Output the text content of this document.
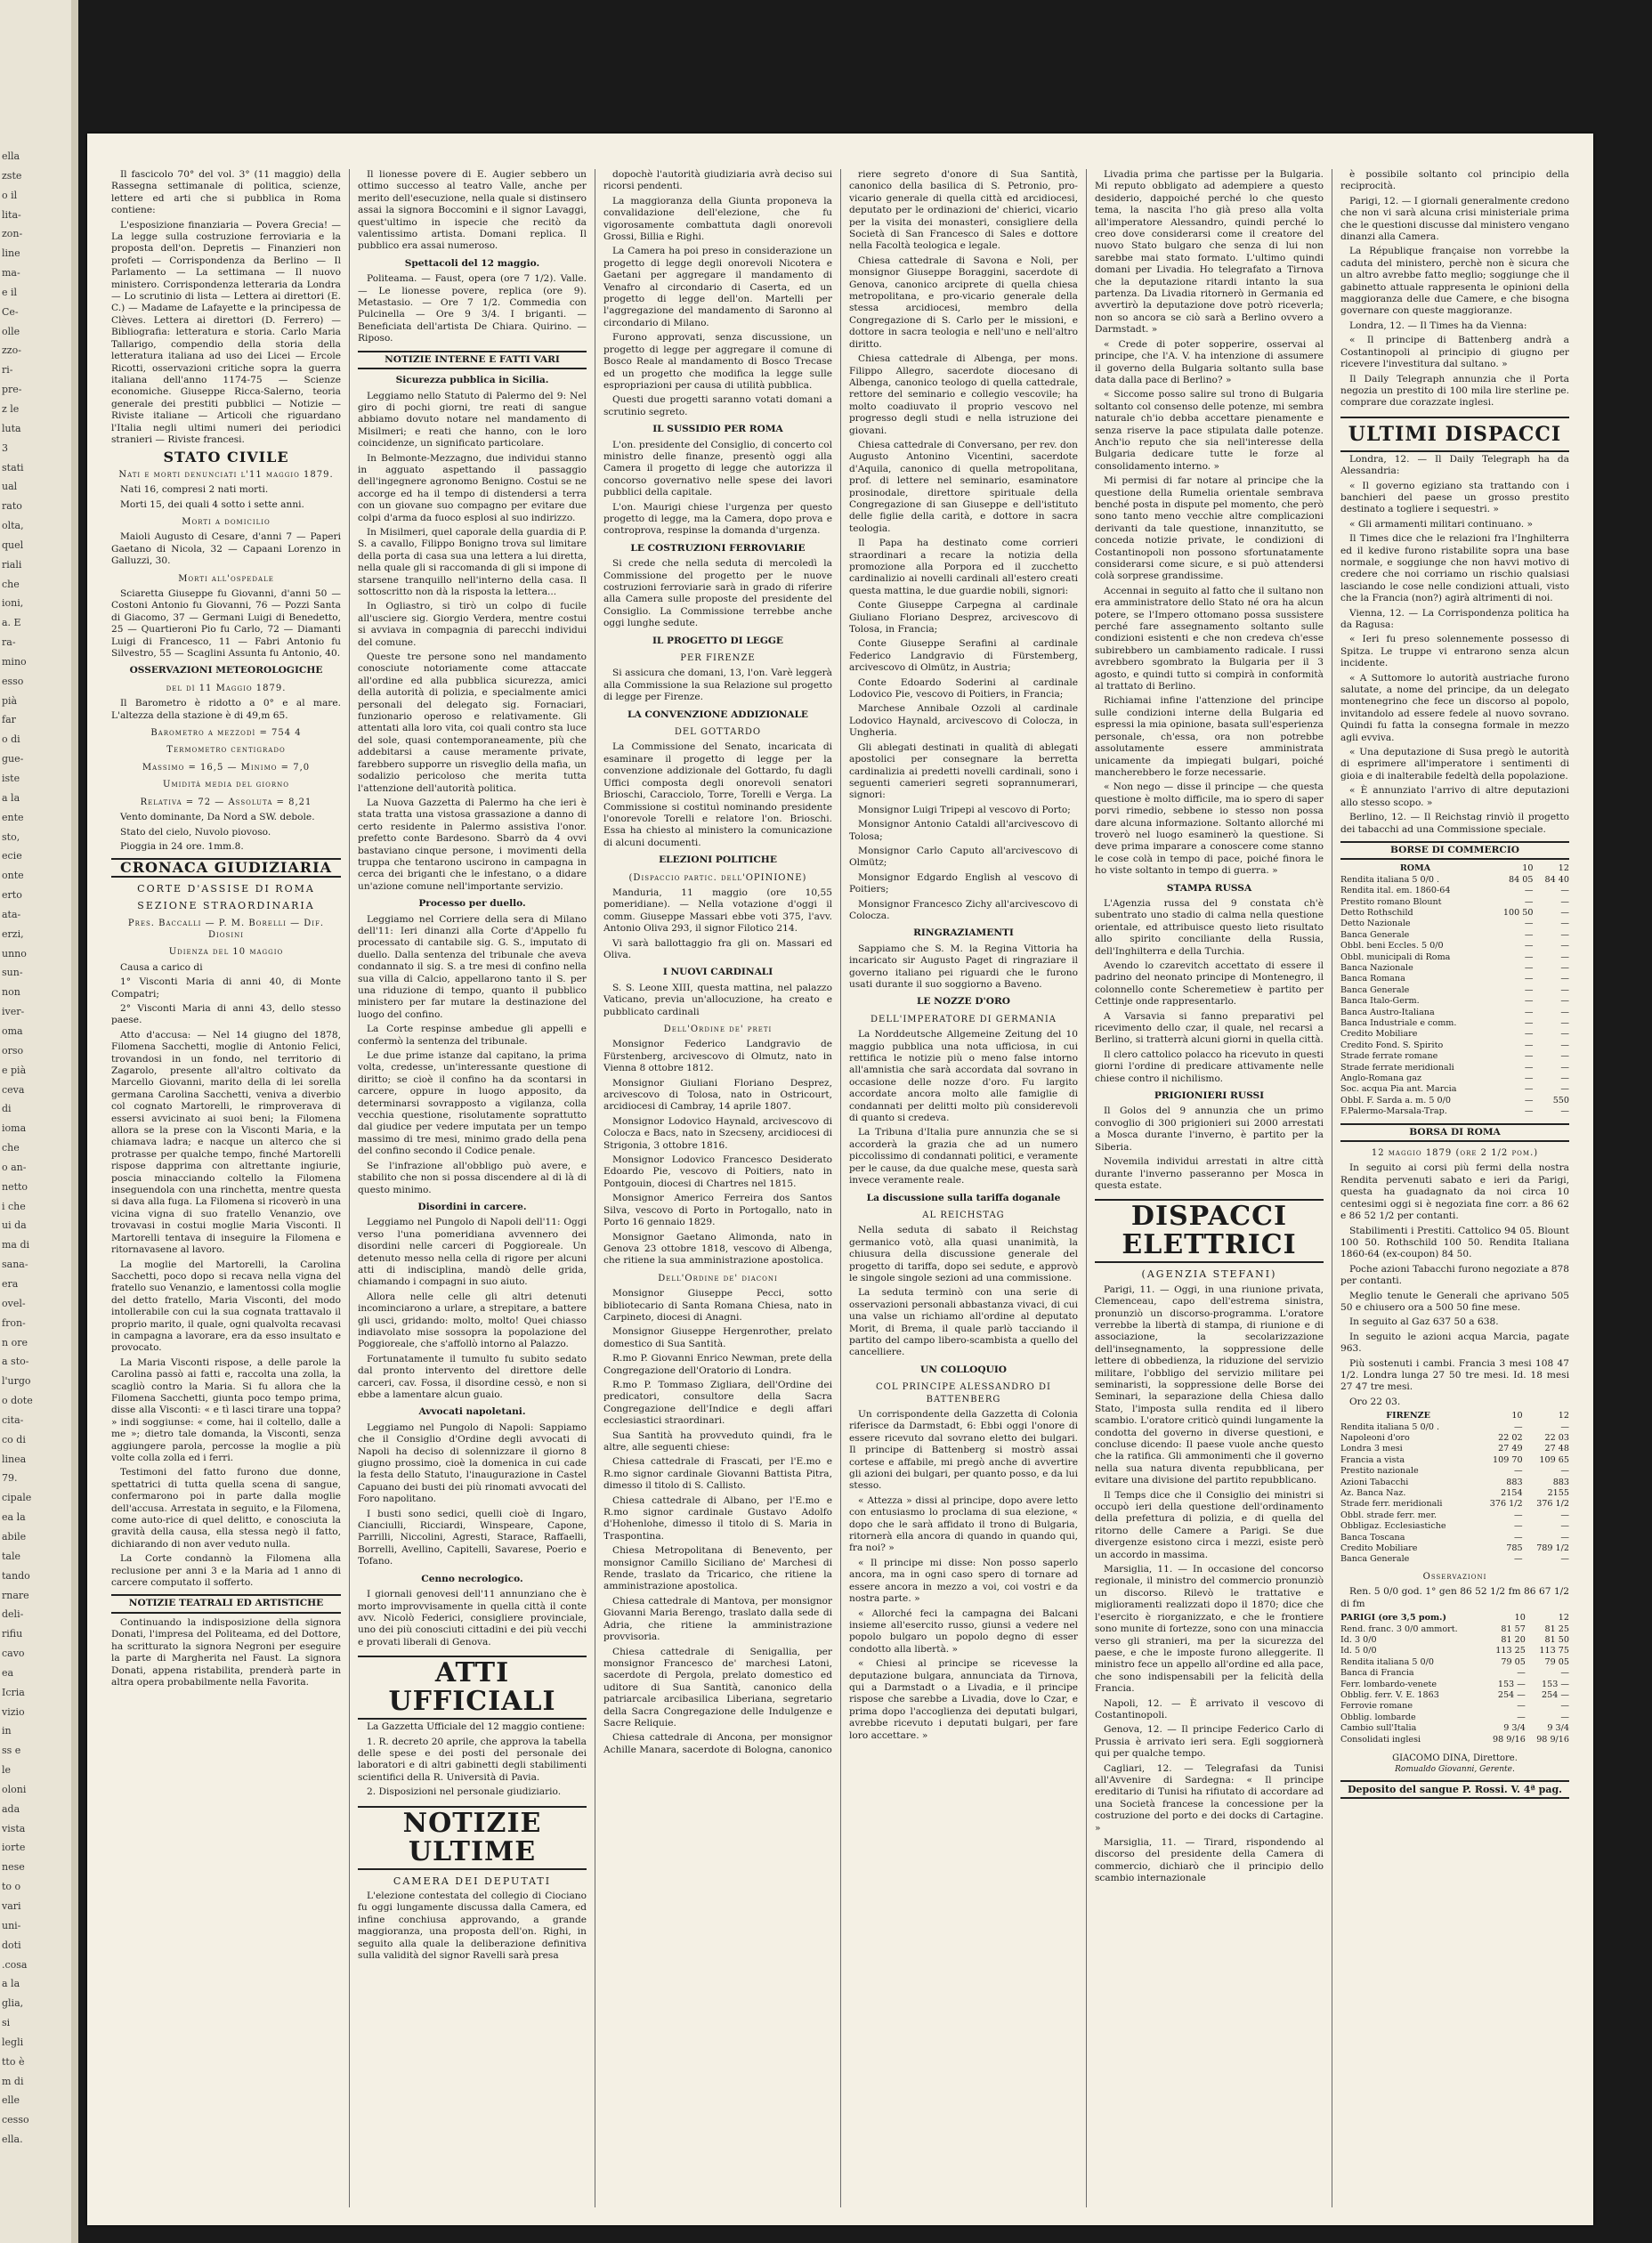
ella
zste
o il
lita-
zon-
line
ma-
e il
Ce-
olle
zzo-
ri-
pre-
z le
luta
3
stati
ual
rato
olta,
quel
riali
che
ioni,
a. E
ra-
mino
esso
pià
far
o di
gue-
iste
a la
ente
sto,
ecie
onte
erto
ata-
erzi,
unno
sun-
non
iver-
oma
orso
e pià
ceva
di
ioma
che
o an-
netto
i che
ui da
ma di
sana-
era
ovel-
fron-
n ore
a sto-
l'urgo
o dote
cita-
co di
linea
79.
cipale
ea la
abile
tale
tando
rnare
deli-
rifiu
cavo
ea
Icria
vizio
in
ss e
le
oloni
ada
vista
iorte
nese
to o
vari
uni-
doti
.cosa
a la
glia,
si
legli
tto è
m di
elle
cesso
ella.

Il fascicolo 70° del vol. 3° (11 maggio) della Rassegna settimanale di politica, scienze, lettere ed arti che si pubblica in Roma contiene:

L'esposizione finanziaria — Povera Grecia! — La legge sulla costruzione ferroviaria e la proposta dell'on. Depretis — Finanzieri non profeti — Corrispondenza da Berlino — Il Parlamento — La settimana — Il nuovo ministero. Corrispondenza letteraria da Londra — Lo scrutinio di lista — Lettera ai direttori (E. C.) — Madame de Lafayette e la principessa de Clèves. Lettera ai direttori (D. Ferrero) — Bibliografia: letteratura e storia. Carlo Maria Tallarigo, compendio della storia della letteratura italiana ad uso dei Licei — Ercole Ricotti, osservazioni critiche sopra la guerra italiana dell'anno 1174-75 — Scienze economiche. Giuseppe Ricca-Salerno, teoria generale dei prestiti pubblici — Notizie — Riviste italiane — Articoli che riguardano l'Italia negli ultimi numeri dei periodici stranieri — Riviste francesi.

STATO CIVILE
Nati e morti denunciati l'11 maggio 1879.

Nati 16, compresi 2 nati morti.

Morti 15, dei quali 4 sotto i sette anni.

Morti a domicilio

Maioli Augusto di Cesare, d'anni 7 — Paperi Gaetano di Nicola, 32 — Capaani Lorenzo in Galluzzi, 30.

Morti all'ospedale

Sciaretta Giuseppe fu Giovanni, d'anni 50 — Costoni Antonio fu Giovanni, 76 — Pozzi Santa di Giacomo, 37 — Germani Luigi di Benedetto, 25 — Quartieroni Pio fu Carlo, 72 — Diamanti Luigi di Francesco, 11 — Fabri Antonio fu Silvestro, 55 — Scaglini Assunta fu Antonio, 40.

OSSERVAZIONI METEOROLOGICHE
del dì 11 Maggio 1879.

Il Barometro è ridotto a 0° e al mare. L'altezza della stazione è di 49,m 65.

Barometro a mezzodì = 754 4
Termometro centigrado
Massimo = 16,5 — Minimo = 7,0
Umidità media del giorno
Relativa = 72 — Assoluta = 8,21

Vento dominante, Da Nord a SW. debole.

Stato del cielo, Nuvolo piovoso.

Pioggia in 24 ore. 1mm.8.

CRONACA GIUDIZIARIA
CORTE D'ASSISE DI ROMA
SEZIONE STRAORDINARIA
Pres. Baccalli — P. M. Borelli — Dif. Diosini
Udienza del 10 maggio

Causa a carico di

1° Visconti Maria di anni 40, di Monte Compatri;

2° Visconti Maria di anni 43, dello stesso paese.

Atto d'accusa: — Nel 14 giugno del 1878, Filomena Sacchetti, moglie di Antonio Felici, trovandosi in un fondo, nel territorio di Zagarolo, presente all'altro coltivato da Marcello Giovanni, marito della di lei sorella germana Carolina Sacchetti, veniva a diverbio col cognato Martorelli, le rimproverava di essersi avvicinato ai suoi beni; la Filomena allora se la prese con la Visconti Maria, e la chiamava ladra; e nacque un alterco che si protrasse per qualche tempo, finché Martorelli rispose dapprima con altrettante ingiurie, poscia minacciando coltello la Filomena inseguendola con una rinchetta, mentre questa si dava alla fuga. La Filomena si ricoverò in una vicina vigna di suo fratello Venanzio, ove trovavasi in costui moglie Maria Visconti. Il Martorelli tentava di inseguire la Filomena e ritornavasene al lavoro.

La moglie del Martorelli, la Carolina Sacchetti, poco dopo si recava nella vigna del fratello suo Venanzio, e lamentossi colla moglie del detto fratello, Maria Visconti, del modo intollerabile con cui la sua cognata trattavalo il proprio marito, il quale, ogni qualvolta recavasi in campagna a lavorare, era da esso insultato e provocato.

La Maria Visconti rispose, a delle parole la Carolina passò ai fatti e, raccolta una zolla, la scagliò contro la Maria. Si fu allora che la Filomena Sacchetti, giunta poco tempo prima, disse alla Visconti: « e tì lasci tirare una toppa? » indi soggiunse: « come, hai il coltello, dalle a me »; dietro tale domanda, la Visconti, senza aggiungere parola, percosse la moglie a più volte colla zolla ed i ferri.

Testimoni del fatto furono due donne, spettatrici di tutta quella scena di sangue, confermarono poi in parte dalla moglie dell'accusa. Arrestata in seguito, e la Filomena, come auto-rice di quel delitto, e conosciuta la gravità della causa, ella stessa negò il fatto, dichiarando di non aver veduto nulla.

La Corte condannò la Filomena alla reclusione per anni 3 e la Maria ad 1 anno di carcere computato il sofferto.

NOTIZIE TEATRALI ED ARTISTICHE

Continuando la indisposizione della signora Donati, l'impresa del Politeama, ed del Dottore, ha scritturato la signora Negroni per eseguire la parte di Margherita nel Faust. La signora Donati, appena ristabilita, prenderà parte in altra opera probabilmente nella Favorita.

Il lionesse povere di E. Augier sebbero un ottimo successo al teatro Valle, anche per merito dell'esecuzione, nella quale si distinsero assai la signora Boccomini e il signor Lavaggi, quest'ultimo in ispecie che recitò da valentissimo artista. Domani replica. Il pubblico era assai numeroso.

Spettacoli del 12 maggio.

Politeama. — Faust, opera (ore 7 1/2). Valle. — Le lionesse povere, replica (ore 9). Metastasio. — Ore 7 1/2. Commedia con Pulcinella — Ore 9 3/4. I briganti. — Beneficiata dell'artista De Chiara. Quirino. — Riposo.

NOTIZIE INTERNE E FATTI VARI
Sicurezza pubblica in Sicilia.

Leggiamo nello Statuto di Palermo del 9: Nel giro di pochi giorni, tre reati di sangue abbiamo dovuto notare nel mandamento di Misilmeri; e reati che hanno, con le loro coincidenze, un significato particolare.

In Belmonte-Mezzagno, due individui stanno in agguato aspettando il passaggio dell'ingegnere agronomo Benigno. Costui se ne accorge ed ha il tempo di distendersi a terra con un giovane suo compagno per evitare due colpi d'arma da fuoco esplosi al suo indirizzo.

In Misilmeri, quel caporale della guardia di P. S. a cavallo, Filippo Bonigno trova sul limitare della porta di casa sua una lettera a lui diretta, nella quale gli si raccomanda di gli si impone di starsene tranquillo nell'interno della casa. Il sottoscritto non dà la risposta la lettera...

In Ogliastro, si tirò un colpo di fucile all'usciere sig. Giorgio Verdera, mentre costui si avviava in compagnia di parecchi individui del comune.

Queste tre persone sono nel mandamento conosciute notoriamente come attaccate all'ordine ed alla pubblica sicurezza, amici della autorità di polizia, e specialmente amici personali del delegato sig. Fornaciari, funzionario operoso e relativamente. Gli attentati alla loro vita, coi quali contro sta luce del sole, quasi contemporaneamente, più che addebitarsi a cause meramente private, farebbero supporre un risveglio della mafia, un sodalizio pericoloso che merita tutta l'attenzione dell'autorità politica.

La Nuova Gazzetta di Palermo ha che ieri è stata tratta una vistosa grassazione a danno di certo residente in Palermo assistiva l'onor. prefetto conte Bardesono. Sbarrò da 4 ovvi bastaviano cinque persone, i movimenti della truppa che tentarono uscirono in campagna in cerca dei briganti che le infestano, o a didare un'azione comune nell'importante servizio.

Processo per duello.

Leggiamo nel Corriere della sera di Milano dell'11: Ieri dinanzi alla Corte d'Appello fu processato di cantabile sig. G. S., imputato di duello. Dalla sentenza del tribunale che aveva condannato il sig. S. a tre mesi di confino nella sua villa di Calcio, appellarono tanto il S. per una riduzione di tempo, quanto il pubblico ministero per far mutare la destinazione del luogo del confino.

La Corte respinse ambedue gli appelli e confermò la sentenza del tribunale.

Le due prime istanze dal capitano, la prima volta, credesse, un'interessante questione di diritto; se cioè il confino ha da scontarsi in carcere, oppure in luogo apposito, da determinarsi sovrapposto a vigilanza, colla vecchia questione, risolutamente soprattutto dal giudice per vedere imputata per un tempo massimo di tre mesi, minimo grado della pena del confino secondo il Codice penale.

Se l'infrazione all'obbligo può avere, e stabilito che non si possa discendere al di là di questo minimo.

Disordini in carcere.

Leggiamo nel Pungolo di Napoli dell'11: Oggi verso l'una pomeridiana avvennero dei disordini nelle carceri di Poggioreale. Un detenuto messo nella cella di rigore per alcuni atti di indisciplina, mandò delle grida, chiamando i compagni in suo aiuto.

Allora nelle celle gli altri detenuti incominciarono a urlare, a strepitare, a battere gli usci, gridando: molto, molto! Quei chiasso indiavolato mise sossopra la popolazione del Poggioreale, che s'affollò intorno al Palazzo.

Fortunatamente il tumulto fu subito sedato dal pronto intervento del direttore delle carceri, cav. Fossa, il disordine cessò, e non si ebbe a lamentare alcun guaio.

Avvocati napoletani.

Leggiamo nel Pungolo di Napoli: Sappiamo che il Consiglio d'Ordine degli avvocati di Napoli ha deciso di solennizzare il giorno 8 giugno prossimo, cioè la domenica in cui cade la festa dello Statuto, l'inaugurazione in Castel Capuano dei busti dei più rinomati avvocati del Foro napolitano.

I busti sono sedici, quelli cioè di Ingaro, Cianciulli, Ricciardi, Winspeare, Capone, Parrilli, Niccolini, Agresti, Starace, Raffaelli, Borrelli, Avellino, Capitelli, Savarese, Poerio e Tofano.

Cenno necrologico.

I giornali genovesi dell'11 annunziano che è morto improvvisamente in quella città il conte avv. Nicolò Federici, consigliere provinciale, uno dei più conosciuti cittadini e dei più vecchi e provati liberali di Genova.

ATTI UFFICIALI

La Gazzetta Ufficiale del 12 maggio contiene:

1. R. decreto 20 aprile, che approva la tabella delle spese e dei posti del personale dei laboratori e di altri gabinetti degli stabilimenti scientifici della R. Università di Pavia.

2. Disposizioni nel personale giudiziario.

NOTIZIE ULTIME
CAMERA DEI DEPUTATI

L'elezione contestata del collegio di Ciociano fu oggi lungamente discussa dalla Camera, ed infine conchiusa approvando, a grande maggioranza, una proposta dell'on. Righi, in seguito alla quale la deliberazione definitiva sulla validità del signor Ravelli sarà presa

dopochè l'autorità giudiziaria avrà deciso sui ricorsi pendenti.

La maggioranza della Giunta proponeva la convalidazione dell'elezione, che fu vigorosamente combattuta dagli onorevoli Grossi, Billia e Righi.

La Camera ha poi preso in considerazione un progetto di legge degli onorevoli Nicotera e Gaetani per aggregare il mandamento di Venafro al circondario di Caserta, ed un progetto di legge dell'on. Martelli per l'aggregazione del mandamento di Saronno al circondario di Milano.

Furono approvati, senza discussione, un progetto di legge per aggregare il comune di Bosco Reale al mandamento di Bosco Trecase ed un progetto che modifica la legge sulle espropriazioni per causa di utilità pubblica.

Questi due progetti saranno votati domani a scrutinio segreto.

IL SUSSIDIO PER ROMA

L'on. presidente del Consiglio, di concerto col ministro delle finanze, presentò oggi alla Camera il progetto di legge che autorizza il concorso governativo nelle spese dei lavori pubblici della capitale.

L'on. Maurigi chiese l'urgenza per questo progetto di legge, ma la Camera, dopo prova e controprova, respinse la domanda d'urgenza.

LE COSTRUZIONI FERROVIARIE

Si crede che nella seduta di mercoledì la Commissione del progetto per le nuove costruzioni ferroviarie sarà in grado di riferire alla Camera sulle proposte del presidente del Consiglio. La Commissione terrebbe anche oggi lunghe sedute.

IL PROGETTO DI LEGGE
PER FIRENZE

Si assicura che domani, 13, l'on. Varè leggerà alla Commissione la sua Relazione sul progetto di legge per Firenze.

LA CONVENZIONE ADDIZIONALE
DEL GOTTARDO

La Commissione del Senato, incaricata di esaminare il progetto di legge per la convenzione addizionale del Gottardo, fu dagli Uffici composta degli onorevoli senatori Brioschi, Caracciolo, Torre, Torelli e Verga. La Commissione si costituì nominando presidente l'onorevole Torelli e relatore l'on. Brioschi. Essa ha chiesto al ministero la comunicazione di alcuni documenti.

ELEZIONI POLITICHE
(Dispaccio partic. dell'OPINIONE)

Manduria, 11 maggio (ore 10,55 pomeridiane). — Nella votazione d'oggi il comm. Giuseppe Massari ebbe voti 375, l'avv. Antonio Oliva 293, il signor Filotico 214.

Vi sarà ballottaggio fra gli on. Massari ed Oliva.

I NUOVI CARDINALI

S. S. Leone XIII, questa mattina, nel palazzo Vaticano, previa un'allocuzione, ha creato e pubblicato cardinali

Dell'Ordine de' preti

Monsignor Federico Landgravio de Fürstenberg, arcivescovo di Olmutz, nato in Vienna 8 ottobre 1812.

Monsignor Giuliani Floriano Desprez, arcivescovo di Tolosa, nato in Ostricourt, arcidiocesi di Cambray, 14 aprile 1807.

Monsignor Lodovico Haynald, arcivescovo di Colocza e Bacs, nato in Szecseny, arcidiocesi di Strigonia, 3 ottobre 1816.

Monsignor Lodovico Francesco Desiderato Edoardo Pie, vescovo di Poitiers, nato in Pontgouin, diocesi di Chartres nel 1815.

Monsignor Americo Ferreira dos Santos Silva, vescovo di Porto in Portogallo, nato in Porto 16 gennaio 1829.

Monsignor Gaetano Alimonda, nato in Genova 23 ottobre 1818, vescovo di Albenga, che ritiene la sua amministrazione apostolica.

Dell'Ordine de' diaconi

Monsignor Giuseppe Pecci, sotto bibliotecario di Santa Romana Chiesa, nato in Carpineto, diocesi di Anagni.

Monsignor Giuseppe Hergenrother, prelato domestico di Sua Santità.

R.mo P. Giovanni Enrico Newman, prete della Congregazione dell'Oratorio di Londra.

R.mo P. Tommaso Zigliara, dell'Ordine dei predicatori, consultore della Sacra Congregazione dell'Indice e degli affari ecclesiastici straordinari.

Sua Santità ha provveduto quindi, fra le altre, alle seguenti chiese:

Chiesa cattedrale di Frascati, per l'E.mo e R.mo signor cardinale Giovanni Battista Pitra, dimesso il titolo di S. Callisto.

Chiesa cattedrale di Albano, per l'E.mo e R.mo signor cardinale Gustavo Adolfo d'Hohenlohe, dimesso il titolo di S. Maria in Traspontina.

Chiesa Metropolitana di Benevento, per monsignor Camillo Siciliano de' Marchesi di Rende, traslato da Tricarico, che ritiene la amministrazione apostolica.

Chiesa cattedrale di Mantova, per monsignor Giovanni Maria Berengo, traslato dalla sede di Adria, che ritiene la amministrazione provvisoria.

Chiesa cattedrale di Senigallia, per monsignor Francesco de' marchesi Latoni, sacerdote di Pergola, prelato domestico ed uditore di Sua Santità, canonico della patriarcale arcibasilica Liberiana, segretario della Sacra Congregazione delle Indulgenze e Sacre Reliquie.

Chiesa cattedrale di Ancona, per monsignor Achille Manara, sacerdote di Bologna, canonico

riere segreto d'onore di Sua Santità, canonico della basilica di S. Petronio, pro-vicario generale di quella città ed arcidiocesi, deputato per le ordinazioni de' chierici, vicario per la visita dei monasteri, consigliere della Società di San Francesco di Sales e dottore nella Facoltà teologica e legale.

Chiesa cattedrale di Savona e Noli, per monsignor Giuseppe Boraggini, sacerdote di Genova, canonico arciprete di quella chiesa metropolitana, e pro-vicario generale della stessa arcidiocesi, membro della Congregazione di S. Carlo per le missioni, e dottore in sacra teologia e nell'uno e nell'altro diritto.

Chiesa cattedrale di Albenga, per mons. Filippo Allegro, sacerdote diocesano di Albenga, canonico teologo di quella cattedrale, rettore del seminario e collegio vescovile; ha molto coadiuvato il proprio vescovo nel progresso degli studi e nella istruzione dei giovani.

Chiesa cattedrale di Conversano, per rev. don Augusto Antonino Vicentini, sacerdote d'Aquila, canonico di quella metropolitana, prof. di lettere nel seminario, esaminatore prosinodale, direttore spirituale della Congregazione di san Giuseppe e dell'istituto delle figlie della carità, e dottore in sacra teologia.

Il Papa ha destinato come corrieri straordinari a recare la notizia della promozione alla Porpora ed il zucchetto cardinalizio ai novelli cardinali all'estero creati questa mattina, le due guardie nobili, signori:

Conte Giuseppe Carpegna al cardinale Giuliano Floriano Desprez, arcivescovo di Tolosa, in Francia;

Conte Giuseppe Serafini al cardinale Federico Landgravio di Fürstemberg, arcivescovo di Olmütz, in Austria;

Conte Edoardo Soderini al cardinale Lodovico Pie, vescovo di Poitiers, in Francia;

Marchese Annibale Ozzoli al cardinale Lodovico Haynald, arcivescovo di Colocza, in Ungheria.

Gli ablegati destinati in qualità di ablegati apostolici per consegnare la berretta cardinalizia ai predetti novelli cardinali, sono i seguenti camerieri segreti soprannumerari, signori:

Monsignor Luigi Tripepi al vescovo di Porto;

Monsignor Antonio Cataldi all'arcivescovo di Tolosa;

Monsignor Carlo Caputo all'arcivescovo di Olmütz;

Monsignor Edgardo English al vescovo di Poitiers;

Monsignor Francesco Zichy all'arcivescovo di Colocza.

RINGRAZIAMENTI

Sappiamo che S. M. la Regina Vittoria ha incaricato sir Augusto Paget di ringraziare il governo italiano pei riguardi che le furono usati durante il suo soggiorno a Baveno.

LE NOZZE D'ORO
DELL'IMPERATORE DI GERMANIA

La Norddeutsche Allgemeine Zeitung del 10 maggio pubblica una nota ufficiosa, in cui rettifica le notizie più o meno false intorno all'amnistia che sarà accordata dal sovrano in occasione delle nozze d'oro. Fu largito accordate ancora molto alle famiglie di condannati per delitti molto più considerevoli di quanto si credeva.

La Tribuna d'Italia pure annunzia che se si accorderà la grazia che ad un numero piccolissimo di condannati politici, e veramente per le cause, da due qualche mese, questa sarà invece veramente reale.

La discussione sulla tariffa doganale
AL REICHSTAG

Nella seduta di sabato il Reichstag germanico votò, alla quasi unanimità, la chiusura della discussione generale del progetto di tariffa, dopo sei sedute, e approvò le singole singole sezioni ad una commissione.

La seduta terminò con una serie di osservazioni personali abbastanza vivaci, di cui una valse un richiamo all'ordine al deputato Morit, di Brema, il quale parlò tacciando il partito del campo libero-scambista a quello del cancelliere.

UN COLLOQUIO
COL PRINCIPE ALESSANDRO DI BATTENBERG

Un corrispondente della Gazzetta di Colonia riferisce da Darmstadt, 6: Ebbi oggi l'onore di essere ricevuto dal sovrano eletto dei bulgari. Il principe di Battenberg si mostrò assai cortese e affabile, mi pregò anche di avvertire gli azioni dei bulgari, per quanto posso, e da lui stesso.

« Attezza » dissi al principe, dopo avere letto con entusiasmo lo proclama di sua elezione, « dopo che le sarà affidato il trono di Bulgaria, ritornerà ella ancora di quando in quando qui, fra noi? »

« Il principe mi disse: Non posso saperlo ancora, ma in ogni caso spero di tornare ad essere ancora in mezzo a voi, coi vostri e da nostra parte. »

« Allorché feci la campagna dei Balcani insieme all'esercito russo, giunsi a vedere nel popolo bulgaro un popolo degno di esser condotto alla libertà. »

« Chiesi al principe se ricevesse la deputazione bulgara, annunciata da Tirnova, qui a Darmstadt o a Livadia, e il principe rispose che sarebbe a Livadia, dove lo Czar, e prima dopo l'accoglienza dei deputati bulgari, avrebbe ricevuto i deputati bulgari, per fare loro accettare. »

Livadia prima che partisse per la Bulgaria. Mi reputo obbligato ad adempiere a questo desiderio, dappoiché perché lo che questo tema, la nascita l'ho già preso alla volta all'imperatore Alessandro, quindi perché lo creo dove considerarsi come il creatore del nuovo Stato bulgaro che senza di lui non sarebbe mai stato formato. L'ultimo quindi domani per Livadia. Ho telegrafato a Tirnova che la deputazione ritardi intanto la sua partenza. Da Livadia ritornerò in Germania ed avvertirò la deputazione dove potrò riceverla; non so ancora se ciò sarà a Berlino ovvero a Darmstadt. »

« Crede di poter sopperire, osservai al principe, che l'A. V. ha intenzione di assumere il governo della Bulgaria soltanto sulla base data dalla pace di Berlino? »

« Siccome posso salire sul trono di Bulgaria soltanto col consenso delle potenze, mi sembra naturale ch'io debba accettare pienamente e senza riserve la pace stipulata dalle potenze. Anch'io reputo che sia nell'interesse della Bulgaria dedicare tutte le forze al consolidamento interno. »

Mi permisi di far notare al principe che la questione della Rumelia orientale sembrava benché posta in dispute pel momento, che però sono tanto meno vecchie altre complicazioni derivanti da tale questione, innanzitutto, se conceda notizie private, le condizioni di Costantinopoli non possono sfortunatamente considerarsi come sicure, e si può attendersi colà sorprese grandissime.

Accennai in seguito al fatto che il sultano non era amministratore dello Stato né ora ha alcun potere, se l'Impero ottomano possa sussistere perché fare assegnamento soltanto sulle condizioni esistenti e che non credeva ch'esse subirebbero un cambiamento radicale. I russi avrebbero sgombrato la Bulgaria per il 3 agosto, e quindi tutto si compirà in conformità al trattato di Berlino.

Richiamai infine l'attenzione del principe sulle condizioni interne della Bulgaria ed espressi la mia opinione, basata sull'esperienza personale, ch'essa, ora non potrebbe assolutamente essere amministrata unicamente da impiegati bulgari, poiché mancherebbero le forze necessarie.

« Non nego — disse il principe — che questa questione è molto difficile, ma io spero di saper porvi rimedio, sebbene io stesso non possa dare alcuna informazione. Soltanto allorché mi troverò nel luogo esaminerò la questione. Si deve prima imparare a conoscere come stanno le cose colà in tempo di pace, poiché finora le ho viste soltanto in tempo di guerra. »

STAMPA RUSSA

L'Agenzia russa del 9 constata ch'è subentrato uno stadio di calma nella questione orientale, ed attribuisce questo lieto risultato allo spirito conciliante della Russia, dell'Inghilterra e della Turchia.

Avendo lo czarevitch accettato di essere il padrino del neonato principe di Montenegro, il colonnello conte Scheremetiew è partito per Cettinje onde rappresentarlo.

A Varsavia si fanno preparativi pel ricevimento dello czar, il quale, nel recarsi a Berlino, si tratterrà alcuni giorni in quella città.

Il clero cattolico polacco ha ricevuto in questi giorni l'ordine di predicare attivamente nelle chiese contro il nichilismo.

PRIGIONIERI RUSSI

Il Golos del 9 annunzia che un primo convoglio di 300 prigionieri sui 2000 arrestati a Mosca durante l'inverno, è partito per la Siberia.

Novemila individui arrestati in altre città durante l'inverno passeranno per Mosca in questa estate.

DISPACCI ELETTRICI
(AGENZIA STEFANI)

Parigi, 11. — Oggi, in una riunione privata, Clemenceau, capo dell'estrema sinistra, pronunziò un discorso-programma. L'oratore verrebbe la libertà di stampa, di riunione e di associazione, la secolarizzazione dell'insegnamento, la soppressione delle lettere di obbedienza, la riduzione del servizio militare, l'obbligo del servizio militare pei seminaristi, la soppressione delle Borse dei Seminari, la separazione della Chiesa dallo Stato, l'imposta sulla rendita ed il libero scambio. L'oratore criticò quindi lungamente la condotta del governo in diverse questioni, e concluse dicendo: Il paese vuole anche questo che la ratifica. Gli ammonimenti che il governo nella sua natura diventa repubblicana, per evitare una divisione del partito repubblicano.

Il Temps dice che il Consiglio dei ministri si occupò ieri della questione dell'ordinamento della prefettura di polizia, e di quella del ritorno delle Camere a Parigi. Se due divergenze esistono circa i mezzi, esiste però un accordo in massima.

Marsiglia, 11. — In occasione del concorso regionale, il ministro del commercio pronunziò un discorso. Rilevò le trattative e miglioramenti realizzati dopo il 1870; dice che l'esercito è riorganizzato, e che le frontiere sono munite di fortezze, sono con una minaccia verso gli stranieri, ma per la sicurezza del paese, e che le imposte furono alleggerite. Il ministro fece un appello all'ordine ed alla pace, che sono indispensabili per la felicità della Francia.

Napoli, 12. — È arrivato il vescovo di Costantinopoli.

Genova, 12. — Il principe Federico Carlo di Prussia è arrivato ieri sera. Egli soggiornerà qui per qualche tempo.

Cagliari, 12. — Telegrafasi da Tunisi all'Avvenire di Sardegna: « Il principe ereditario di Tunisi ha rifiutato di accordare ad una Società francese la concessione per la costruzione del porto e dei docks di Cartagine. »

Marsiglia, 11. — Tirard, rispondendo al discorso del presidente della Camera di commercio, dichiarò che il principio dello scambio internazionale

è possibile soltanto col principio della reciprocità.

Parigi, 12. — I giornali generalmente credono che non vi sarà alcuna crisi ministeriale prima che le questioni discusse dal ministero vengano dinanzi alla Camera.

La République française non vorrebbe la caduta del ministero, perchè non è sicura che un altro avrebbe fatto meglio; soggiunge che il gabinetto attuale rappresenta le opinioni della maggioranza delle due Camere, e che bisogna governare con queste maggioranze.

Londra, 12. — Il Times ha da Vienna:

« Il principe di Battenberg andrà a Costantinopoli al principio di giugno per ricevere l'investitura dal sultano. »

Il Daily Telegraph annunzia che il Porta negozia un prestito di 100 mila lire sterline pe. comprare due corazzate inglesi.

ULTIMI DISPACCI

Londra, 12. — Il Daily Telegraph ha da Alessandria:

« Il governo egiziano sta trattando con i banchieri del paese un grosso prestito destinato a togliere i sequestri. »

« Gli armamenti militari continuano. »

Il Times dice che le relazioni fra l'Inghilterra ed il kedive furono ristabilite sopra una base normale, e soggiunge che non havvi motivo di credere che noi corriamo un rischio qualsiasi lasciando le cose nelle condizioni attuali, visto che la Francia (non?) agirà altrimenti di noi.

Vienna, 12. — La Corrispondenza politica ha da Ragusa:

« Ieri fu preso solennemente possesso di Spitza. Le truppe vi entrarono senza alcun incidente.

« A Suttomore lo autorità austriache furono salutate, a nome del principe, da un delegato montenegrino che fece un discorso al popolo, invitandolo ad essere fedele al nuovo sovrano. Quindi fu fatta la consegna formale in mezzo agli evviva.

« Una deputazione di Susa pregò le autorità di esprimere all'imperatore i sentimenti di gioia e di inalterabile fedeltà della popolazione.

« È annunziato l'arrivo di altre deputazioni allo stesso scopo. »

Berlino, 12. — Il Reichstag rinviò il progetto dei tabacchi ad una Commissione speciale.

BORSE DI COMMERCIO
ROMA	10	12
Rendita italiana 5 0/0 .	84 05	84 40
Rendita ital. em. 1860-64	—	—
Prestito romano Blount	—	—
Detto Rothschild	100 50	—
Detto Nazionale	—	—
Banca Generale	—	—
Obbl. beni Eccles. 5 0/0	—	—
Obbl. municipali di Roma	—	—
Banca Nazionale	—	—
Banca Romana	—	—
Banca Generale	—	—
Banca Italo-Germ.	—	—
Banca Austro-Italiana	—	—
Banca Industriale e comm.	—	—
Credito Mobiliare	—	—
Credito Fond. S. Spirito	—	—
Strade ferrate romane	—	—
Strade ferrate meridionali	—	—
Anglo-Romana gaz	—	—
Soc. acqua Pia ant. Marcia	—	—
Obbl. F. Sarda a. m. 5 0/0	—	550
F.Palermo-Marsala-Trap.	—	—
BORSA DI ROMA
12 maggio 1879 (ore 2 1/2 pom.)

In seguito ai corsi più fermi della nostra Rendita pervenuti sabato e ieri da Parigi, questa ha guadagnato da noi circa 10 centesimi oggi si è negoziata fine corr. a 86 62 e 86 52 1/2 per contanti.

Stabilimenti i Prestiti. Cattolico 94 05. Blount 100 50. Rothschild 100 50. Rendita Italiana 1860-64 (ex-coupon) 84 50.

Poche azioni Tabacchi furono negoziate a 878 per contanti.

Meglio tenute le Generali che aprivano 505 50 e chiusero ora a 500 50 fine mese.

In seguito al Gaz 637 50 a 638.

In seguito le azioni acqua Marcia, pagate 963.

Più sostenuti i cambi. Francia 3 mesi 108 47 1/2. Londra lunga 27 50 tre mesi. Id. 18 mesi 27 47 tre mesi.

Oro 22 03.

FIRENZE	10	12
Rendita italiana 5 0/0 .	—	—
Napoleoni d'oro	22 02	22 03
Londra 3 mesi	27 49	27 48
Francia a vista	109 70	109 65
Prestito nazionale	—	—
Azioni Tabacchi	883	883
Az. Banca Naz.	2154	2155
Strade ferr. meridionali	376 1/2	376 1/2
Obbl. strade ferr. mer.	—	—
Obbligaz. Ecclesiastiche	—	—
Banca Toscana	—	—
Credito Mobiliare	785	789 1/2
Banca Generale	—	—
Osservazioni

Ren. 5 0/0 god. 1° gen 86 52 1/2 fm 86 67 1/2 di fm

PARIGI (ore 3,5 pom.)	10	12
Rend. franc. 3 0/0 ammort.	81 57	81 25
Id. 3 0/0	81 20	81 50
Id. 5 0/0	113 25	113 75
Rendita italiana 5 0/0	79 05	79 05
Banca di Francia	—	—
Ferr. lombardo-venete	153 —	153 —
Obblig. ferr. V. E. 1863	254 —	254 —
Ferrovie romane	—	—
Obblig. lombarde	—	—
Cambio sull'Italia	9 3/4	9 3/4
Consolidati inglesi	98 9/16	98 9/16
GIACOMO DINA, Direttore.
Romualdo Giovanni, Gerente.
Deposito del sangue P. Rossi. V. 4ª pag.
